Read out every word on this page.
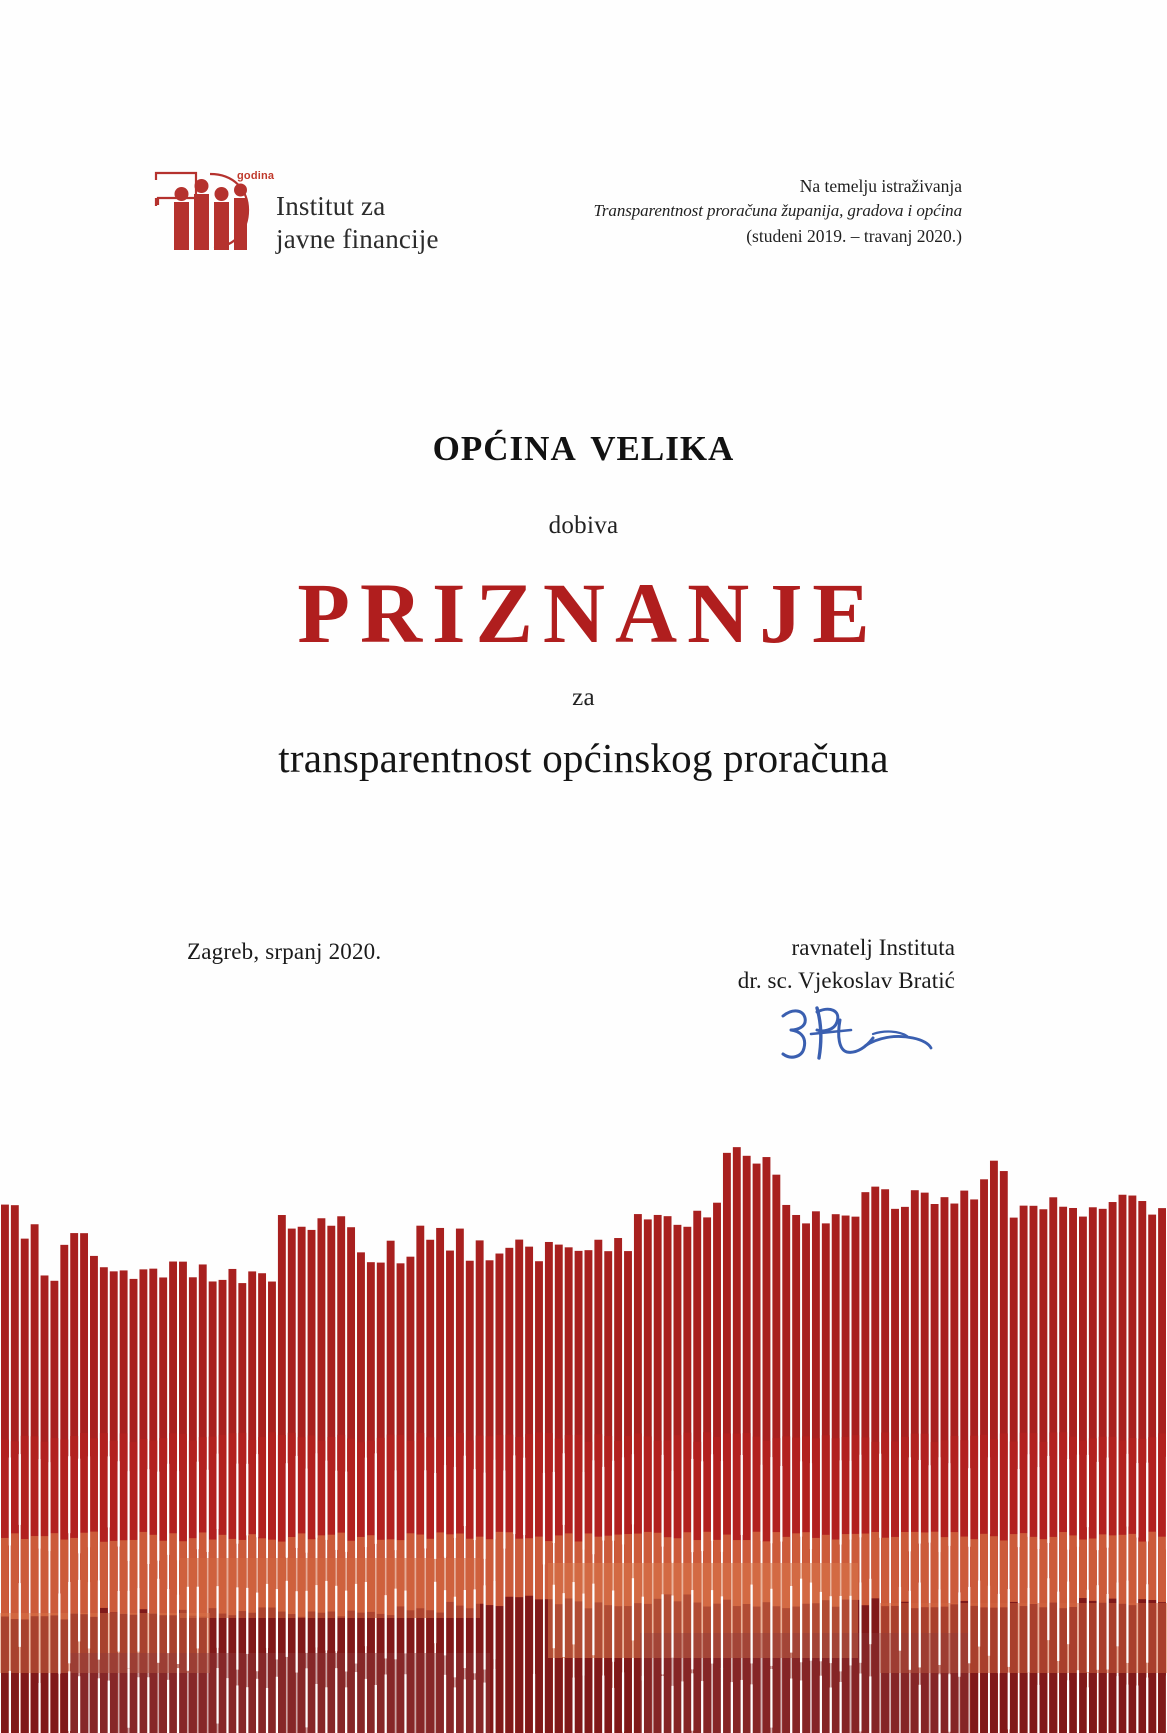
godina
Institut za
javne financije
Na temelju istraživanja
Transparentnost proračuna županija, gradova i općina
(studeni 2019. – travanj 2020.)
općina velika
dobiva
PRIZNANJE
za
transparentnost općinskog proračuna
Zagreb, srpanj 2020.	ravnatelj Instituta
dr. sc. Vjekoslav Bratić
